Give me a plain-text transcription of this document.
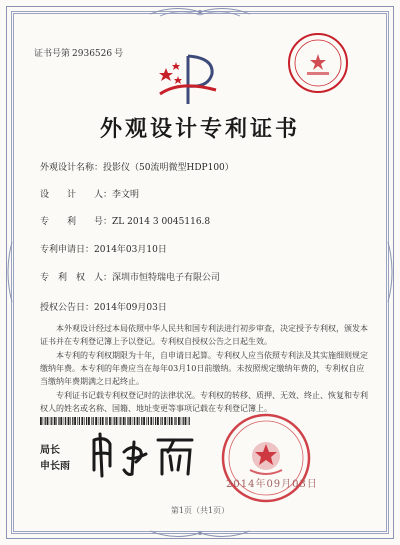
证书号第 2936526 号
外观设计专利证书
外观设计名称：投影仪（50流明微型HDP100）
设　　计　　人：李文明
专　　利　　号：ZL 2014 3 0045116.8
专利申请日：2014年03月10日
专　利　权　人：深圳市恒特瑞电子有限公司
授权公告日：2014年09月03日
本外观设计经过本局依照中华人民共和国专利法进行初步审查，决定授予专利权，颁发本证书并在专利登记簿上予以登记。专利权自授权公告之日起生效。
本专利的专利权期限为十年，自申请日起算。专利权人应当依照专利法及其实施细则规定缴纳年费。本专利的年费应当在每年03月10日前缴纳。未按照规定缴纳年费的，专利权自应当缴纳年费期满之日起终止。
专利证书记载专利权登记时的法律状况。专利权的转移、质押、无效、终止、恢复和专利权人的姓名或名称、国籍、地址变更等事项记载在专利登记簿上。
局长
申长雨
2014年09月03日
第1页（共1页）
